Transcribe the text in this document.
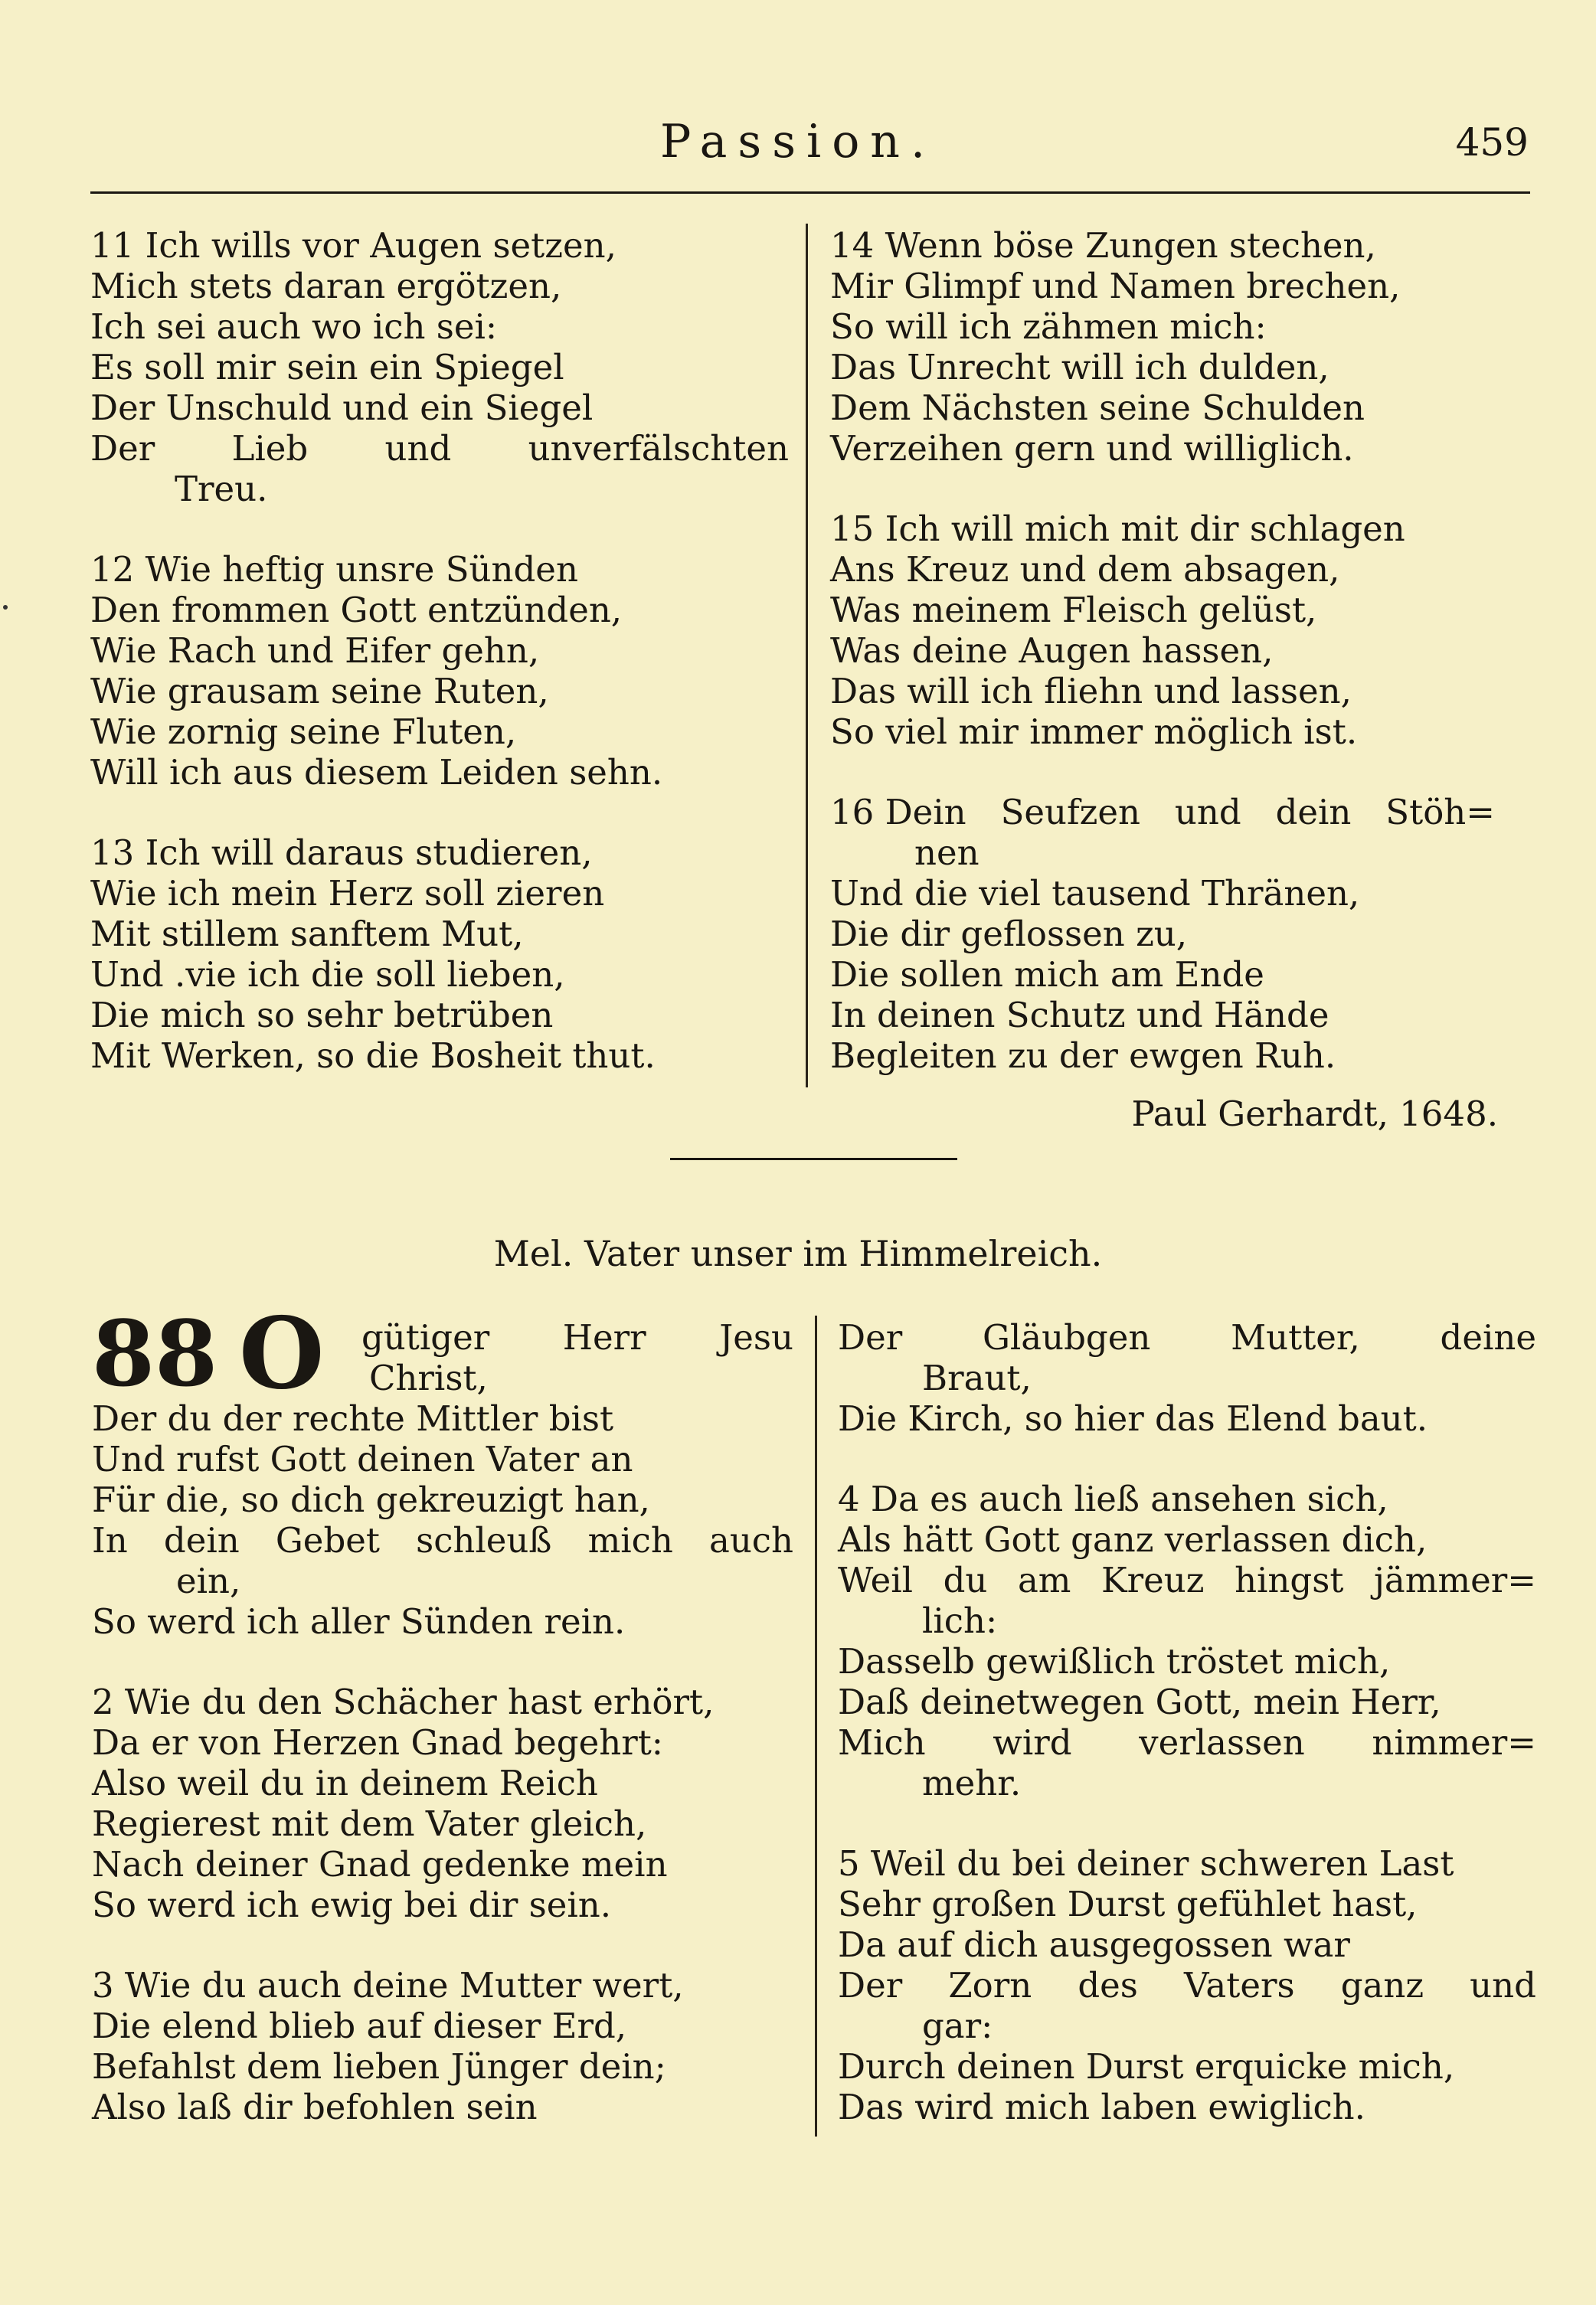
Passion.	459
11 Ich wills vor Augen setzen,
Mich stets daran ergötzen,
Ich sei auch wo ich sei:
Es soll mir sein ein Spiegel
Der Unschuld und ein Siegel
Der Lieb und unverfälschten
Treu.
12 Wie heftig unsre Sünden
Den frommen Gott entzünden,
Wie Rach und Eifer gehn,
Wie grausam seine Ruten,
Wie zornig seine Fluten,
Will ich aus diesem Leiden sehn.
13 Ich will daraus studieren,
Wie ich mein Herz soll zieren
Mit stillem sanftem Mut,
Und .vie ich die soll lieben,
Die mich so sehr betrüben
Mit Werken, so die Bosheit thut.
14 Wenn böse Zungen stechen,
Mir Glimpf und Namen brechen,
So will ich zähmen mich:
Das Unrecht will ich dulden,
Dem Nächsten seine Schulden
Verzeihen gern und williglich.
15 Ich will mich mit dir schlagen
Ans Kreuz und dem absagen,
Was meinem Fleisch gelüst,
Was deine Augen hassen,
Das will ich fliehn und lassen,
So viel mir immer möglich ist.
16 Dein Seufzen und dein Stöh=
nen
Und die viel tausend Thränen,
Die dir geflossen zu,
Die sollen mich am Ende
In deinen Schutz und Hände
Begleiten zu der ewgen Ruh.
Paul Gerhardt, 1648.
Mel. Vater unser im Himmelreich.
88 O gütiger Herr Jesu
Christ,
Der du der rechte Mittler bist
Und rufst Gott deinen Vater an
Für die, so dich gekreuzigt han,
In dein Gebet schleuß mich auch
ein,
So werd ich aller Sünden rein.
2 Wie du den Schächer hast erhört,
Da er von Herzen Gnad begehrt:
Also weil du in deinem Reich
Regierest mit dem Vater gleich,
Nach deiner Gnad gedenke mein
So werd ich ewig bei dir sein.
3 Wie du auch deine Mutter wert,
Die elend blieb auf dieser Erd,
Befahlst dem lieben Jünger dein;
Also laß dir befohlen sein
Der Gläubgen Mutter, deine
Braut,
Die Kirch, so hier das Elend baut.
4 Da es auch ließ ansehen sich,
Als hätt Gott ganz verlassen dich,
Weil du am Kreuz hingst jämmer=
lich:
Dasselb gewißlich tröstet mich,
Daß deinetwegen Gott, mein Herr,
Mich wird verlassen nimmer=
mehr.
5 Weil du bei deiner schweren Last
Sehr großen Durst gefühlet hast,
Da auf dich ausgegossen war
Der Zorn des Vaters ganz und
gar:
Durch deinen Durst erquicke mich,
Das wird mich laben ewiglich.
